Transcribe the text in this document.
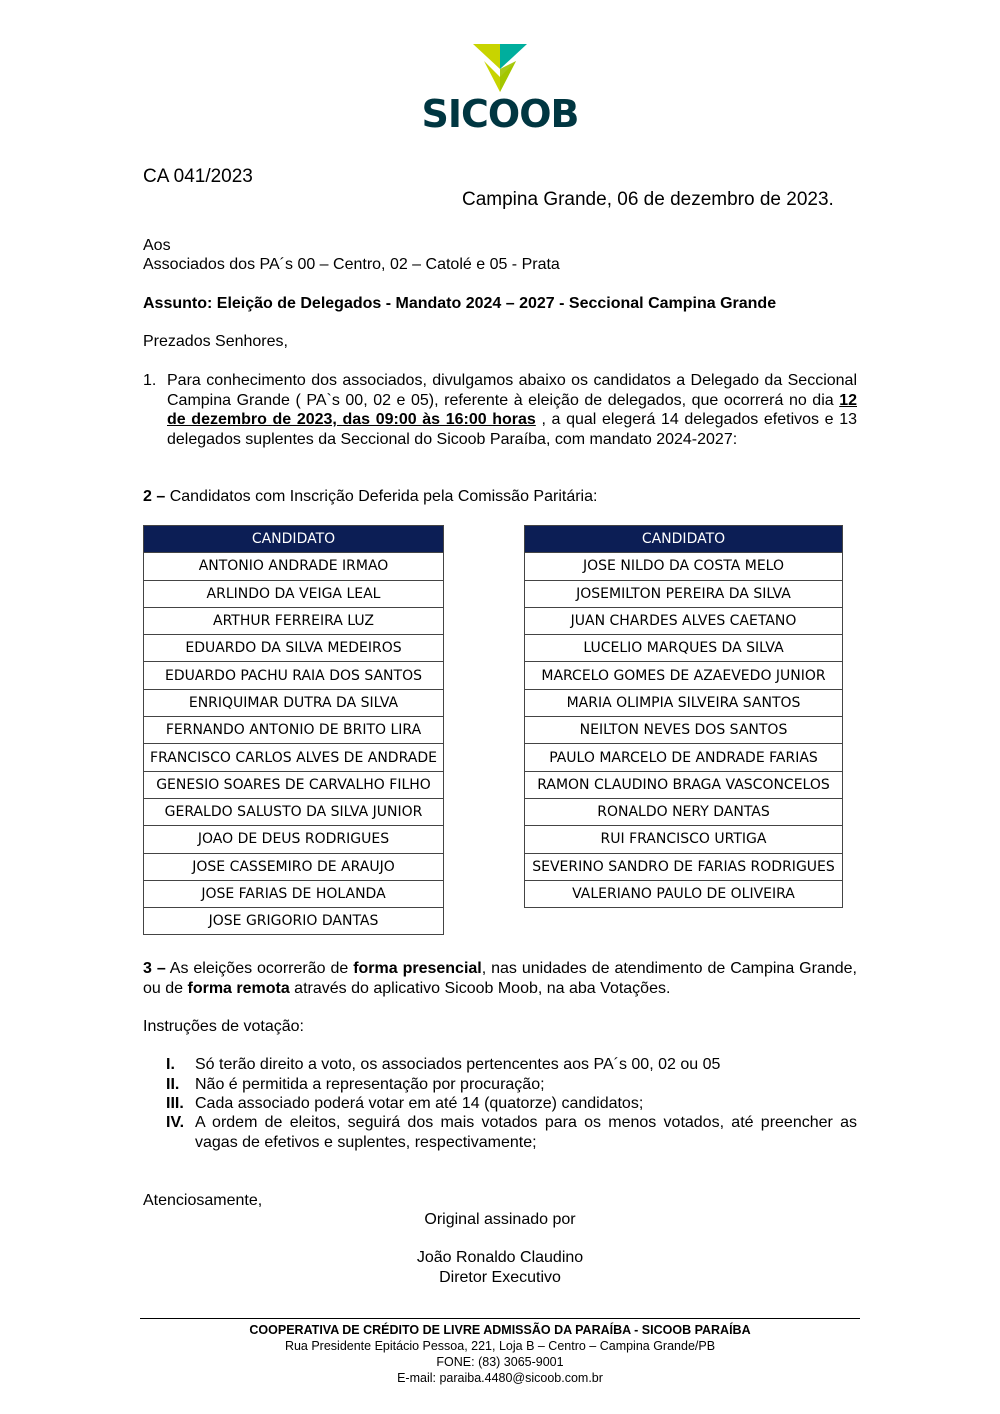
SICOOB
CA 041/2023
Campina Grande, 06 de dezembro de 2023.
Aos
Associados dos PA´s 00 – Centro, 02 – Catolé e 05 - Prata
Assunto: Eleição de Delegados - Mandato 2024 – 2027 - Seccional Campina Grande
Prezados Senhores,
1. Para conhecimento dos associados, divulgamos abaixo os candidatos a Delegado da Seccional Campina Grande ( PA`s 00, 02 e 05), referente à eleição de delegados, que ocorrerá no dia 12 de dezembro de 2023, das 09:00 às 16:00 horas , a qual elegerá 14 delegados efetivos e 13 delegados suplentes da Seccional do Sicoob Paraíba, com mandato 2024-2027:
2 – Candidatos com Inscrição Deferida pela Comissão Paritária:
CANDIDATO
ANTONIO ANDRADE IRMAO
ARLINDO DA VEIGA LEAL
ARTHUR FERREIRA LUZ
EDUARDO DA SILVA MEDEIROS
EDUARDO PACHU RAIA DOS SANTOS
ENRIQUIMAR DUTRA DA SILVA
FERNANDO ANTONIO DE BRITO LIRA
FRANCISCO CARLOS ALVES DE ANDRADE
GENESIO SOARES DE CARVALHO FILHO
GERALDO SALUSTO DA SILVA JUNIOR
JOAO DE DEUS RODRIGUES
JOSE CASSEMIRO DE ARAUJO
JOSE FARIAS DE HOLANDA
JOSE GRIGORIO DANTAS
CANDIDATO
JOSE NILDO DA COSTA MELO
JOSEMILTON PEREIRA DA SILVA
JUAN CHARDES ALVES CAETANO
LUCELIO MARQUES DA SILVA
MARCELO GOMES DE AZAEVEDO JUNIOR
MARIA OLIMPIA SILVEIRA SANTOS
NEILTON NEVES DOS SANTOS
PAULO MARCELO DE ANDRADE FARIAS
RAMON CLAUDINO BRAGA VASCONCELOS
RONALDO NERY DANTAS
RUI FRANCISCO URTIGA
SEVERINO SANDRO DE FARIAS RODRIGUES
VALERIANO PAULO DE OLIVEIRA
3 – As eleições ocorrerão de forma presencial, nas unidades de atendimento de Campina Grande, ou de forma remota através do aplicativo Sicoob Moob, na aba Votações.
Instruções de votação:
I.	Só terão direito a voto, os associados pertencentes aos PA´s 00, 02 ou 05
II. Não é permitida a representação por procuração;
III. Cada associado poderá votar em até 14 (quatorze) candidatos;
IV. A ordem de eleitos, seguirá dos mais votados para os menos votados, até preencher as vagas de efetivos e suplentes, respectivamente;
Atenciosamente,
Original assinado por
João Ronaldo Claudino
Diretor Executivo
COOPERATIVA DE CRÉDITO DE LIVRE ADMISSÃO DA PARAÍBA - SICOOB PARAÍBA
Rua Presidente Epitácio Pessoa, 221, Loja B – Centro – Campina Grande/PB
FONE: (83) 3065-9001
E-mail: paraiba.4480@sicoob.com.br
